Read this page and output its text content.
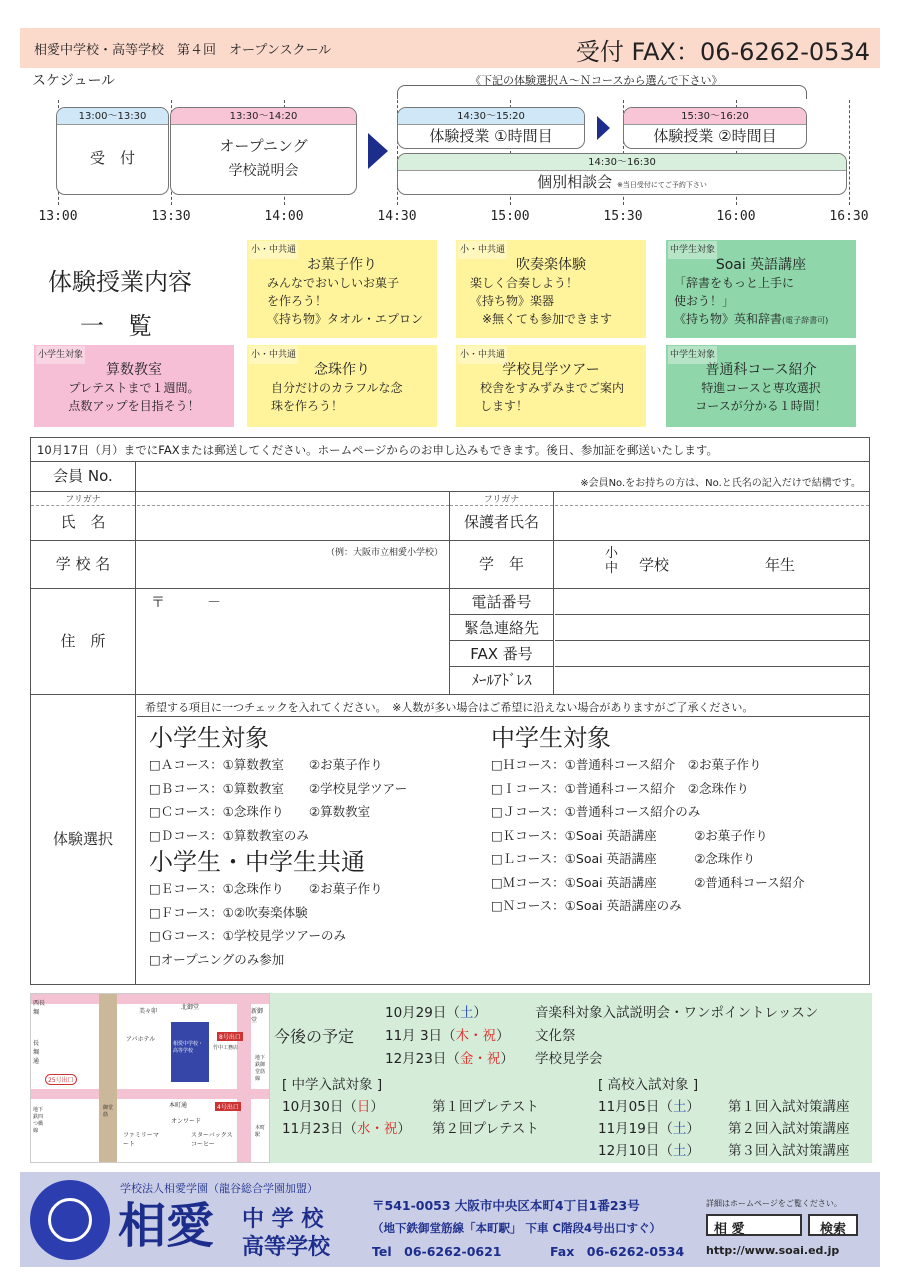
相愛中学校・高等学校　第４回　オープンスクール	受付 FAX：06-6262-0534
スケジュール	《下記の体験選択Ａ～Ｎコースから選んで下さい》
13:00～13:30
受　付
13:30～14:20
オープニング
学校説明会
14:30～15:20
体験授業 ①時間目
15:30～16:20
体験授業 ②時間目
14:30～16:30
個別相談会 ※当日受付にてご予約下さい
13:00	13:30	14:00	14:30	15:00	15:30	16:00	16:30
体験授業内容
一　覧
小・中共通
お菓子作り
みんなでおいしいお菓子
を作ろう！
《持ち物》タオル・エプロン
小・中共通
吹奏楽体験
楽しく合奏しよう！
《持ち物》楽器
　※無くても参加できます
中学生対象
Soai 英語講座
「辞書をもっと上手に
使おう！」
《持ち物》英和辞書(電子辞書可)
小学生対象
算数教室
プレテストまで１週間。
点数アップを目指そう！
小・中共通
念珠作り
自分だけのカラフルな念
珠を作ろう！
小・中共通
学校見学ツアー
校舎をすみずみまでご案内
します！
中学生対象
普通科コース紹介
特進コースと専攻選択
コースが分かる１時間！
10月17日（月）までにFAXまたは郵送してください。ホームページからのお申し込みもできます。後日、参加証を郵送いたします。
会員 No.	※会員No.をお持ちの方は、No.と氏名の記入だけで結構です。
フリガナ
氏　名
フリガナ
保護者氏名
学 校 名
（例：大阪市立相愛小学校）
学　年
小
中 学校	年生
住　所
〒　　　－	電話番号
緊急連絡先
FAX 番号
ﾒｰﾙｱﾄﾞﾚｽ
体験選択
希望する項目に一つチェックを入れてください。　※人数が多い場合はご希望に沿えない場合がありますがご了承ください。
小学生対象
□Ａコース：①算数教室　　②お菓子作り
□Ｂコース：①算数教室　　②学校見学ツアー
□Ｃコース：①念珠作り　　②算数教室
□Ｄコース：①算数教室のみ
小学生・中学生共通
□Ｅコース：①念珠作り　　②お菓子作り
□Ｆコース：①②吹奏楽体験
□Ｇコース：①学校見学ツアーのみ
□オープニングのみ参加
中学生対象
□Ｈコース：①普通科コース紹介　②お菓子作り
□Ｉコース：①普通科コース紹介　②念珠作り
□Ｊコース：①普通科コース紹介のみ
□Ｋコース：①Soai 英語講座　　　②お菓子作り
□Ｌコース：①Soai 英語講座　　　②念珠作り
□Ｍコース：①Soai 英語講座　　　②普通科コース紹介
□Ｎコース：①Soai 英語講座のみ
美々卯
北御堂
新御堂
アパホテル
相愛中学校・高等学校	竹中工務店
本町通
オンワード
ファミリーマート
スターバックスコーヒー
25号出口
8号出口
4号出口
西長堀
長堀通	地下鉄御堂筋線
地下鉄四つ橋線	本町駅
御堂筋
今後の予定
10月29日（土）	音楽科対象入試説明会・ワンポイントレッスン
11月 3日（木・祝） 文化祭
12月23日（金・祝） 学校見学会
[ 中学入試対象 ]
10月30日（日）	第１回プレテスト
11月23日（水・祝） 第２回プレテスト
[ 高校入試対象 ]
11月05日（土） 第１回入試対策講座
11月19日（土） 第２回入試対策講座
12月10日（土） 第３回入試対策講座
学校法人相愛学園（龍谷総合学園加盟）
相愛 中 学 校
高等学校
〒541-0053 大阪市中央区本町4丁目1番23号
（地下鉄御堂筋線「本町駅」 下車 C階段4号出口すぐ）
Tel　06-6262-0621	Fax　06-6262-0534
詳細はホームページをご覧ください。
相 愛	検索
http://www.soai.ed.jp
